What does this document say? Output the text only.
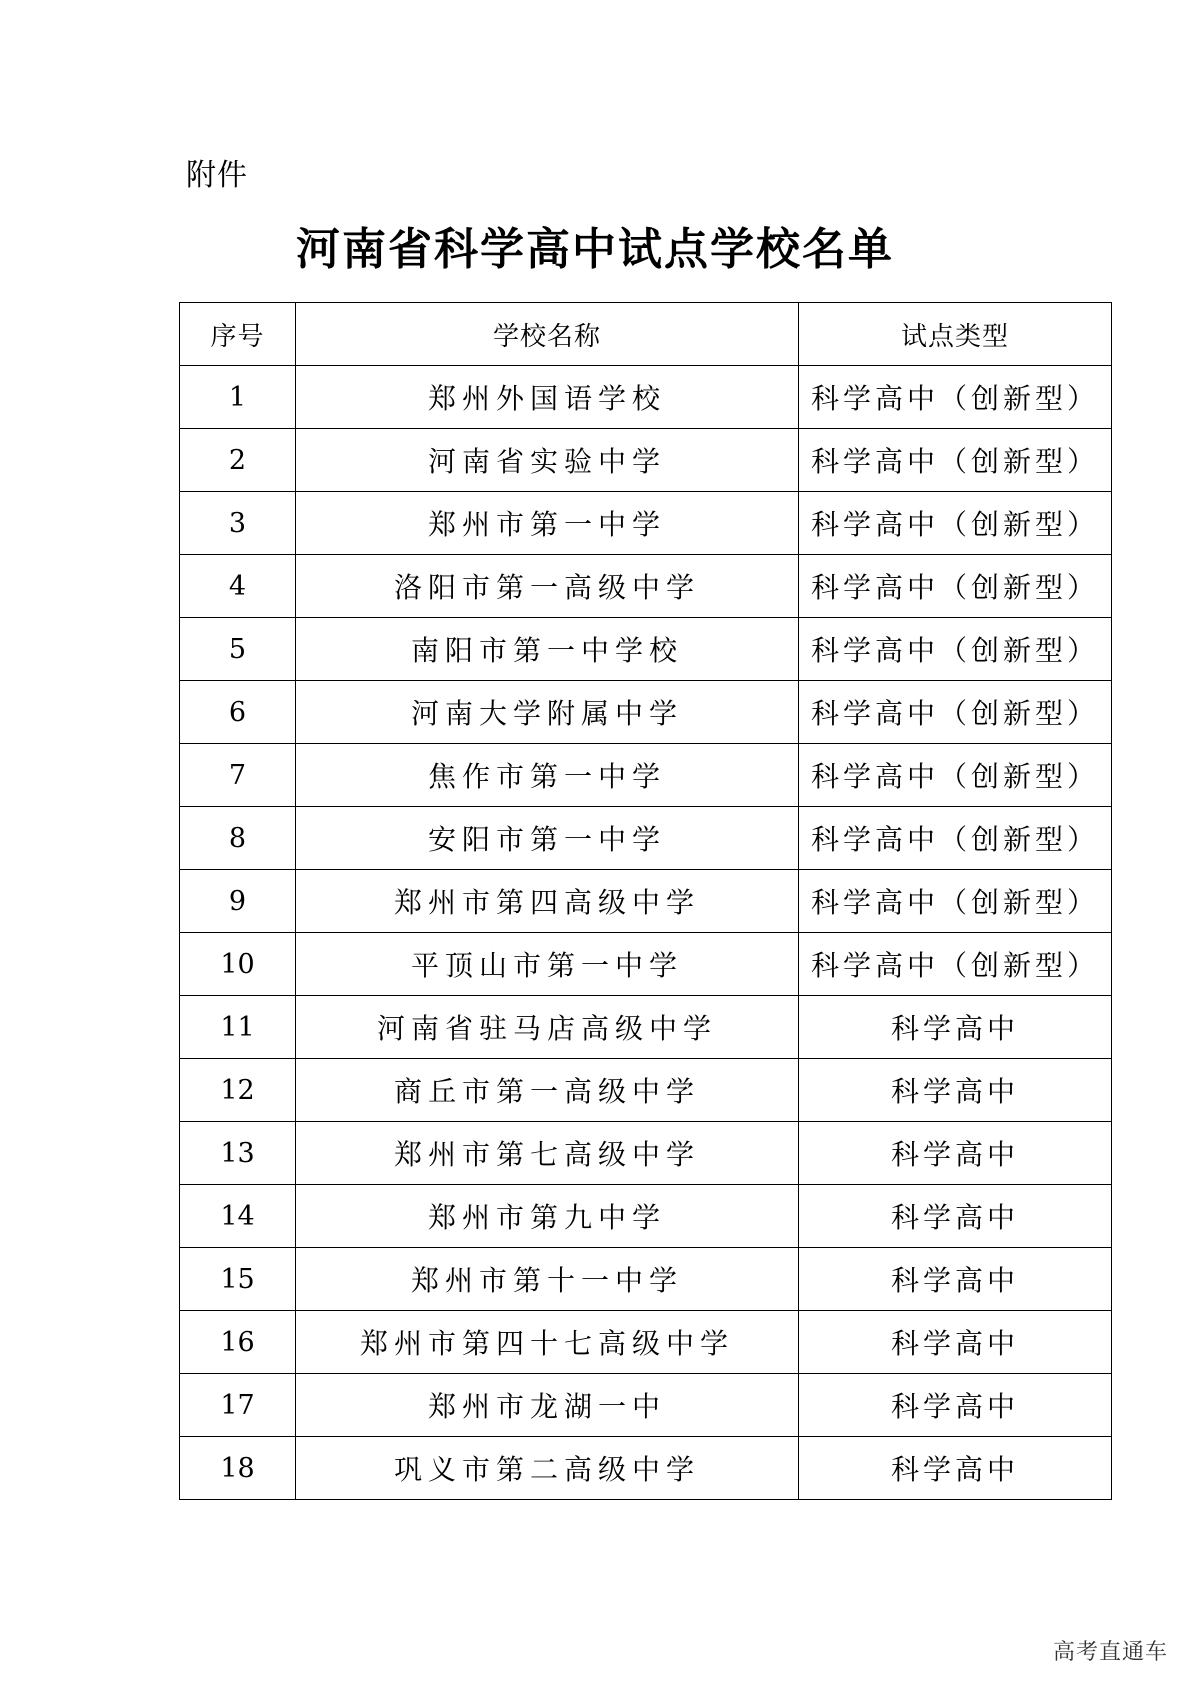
附件
河南省科学高中试点学校名单
序号	学校名称	试点类型
1	郑州外国语学校	科学高中（创新型）
2	河南省实验中学	科学高中（创新型）
3	郑州市第一中学	科学高中（创新型）
4	洛阳市第一高级中学	科学高中（创新型）
5	南阳市第一中学校	科学高中（创新型）
6	河南大学附属中学	科学高中（创新型）
7	焦作市第一中学	科学高中（创新型）
8	安阳市第一中学	科学高中（创新型）
9	郑州市第四高级中学	科学高中（创新型）
10	平顶山市第一中学	科学高中（创新型）
11	河南省驻马店高级中学	科学高中
12	商丘市第一高级中学	科学高中
13	郑州市第七高级中学	科学高中
14	郑州市第九中学	科学高中
15	郑州市第十一中学	科学高中
16	郑州市第四十七高级中学	科学高中
17	郑州市龙湖一中	科学高中
18	巩义市第二高级中学	科学高中
高考直通车
